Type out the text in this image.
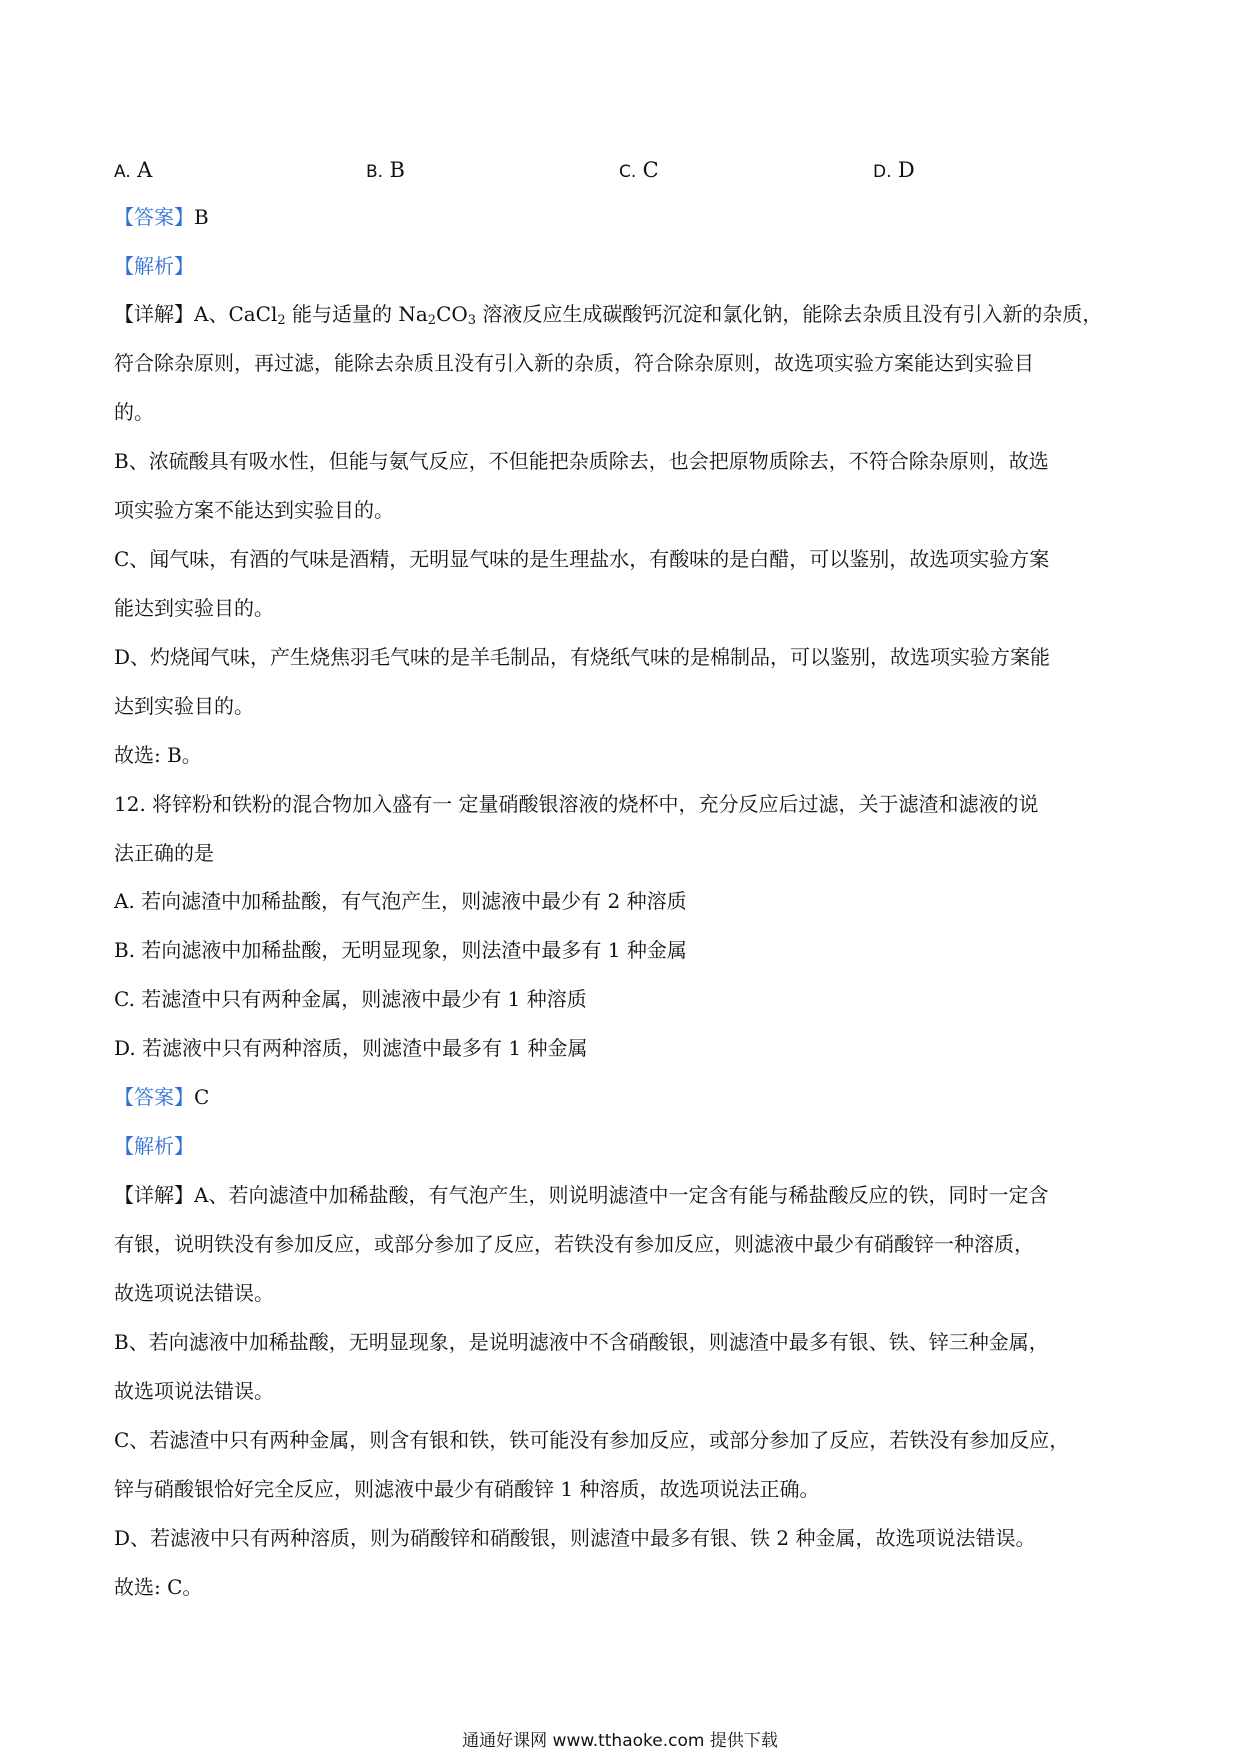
A. A	B. B	C. C	D. D
【答案】B
【解析】
【详解】A、CaCl$_2$ 能与适量的 $Na_2CO_3$ 溶液反应生成碳酸钙沉淀和氯化钠，能除去杂质且没有引入新的杂质，
符合除杂原则，再过滤，能除去杂质且没有引入新的杂质，符合除杂原则，故选项实验方案能达到实验目
的。
B、浓硫酸具有吸水性，但能与氨气反应，不但能把杂质除去，也会把原物质除去，不符合除杂原则，故选
项实验方案不能达到实验目的。
C、闻气味，有酒的气味是酒精，无明显气味的是生理盐水，有酸味的是白醋，可以鉴别，故选项实验方案
能达到实验目的。
D、灼烧闻气味，产生烧焦羽毛气味的是羊毛制品，有烧纸气味的是棉制品，可以鉴别，故选项实验方案能
达到实验目的。
故选: B。
12. 将锌粉和铁粉的混合物加入盛有一 定量硝酸银溶液的烧杯中，充分反应后过滤，关于滤渣和滤液的说
法正确的是
A. 若向滤渣中加稀盐酸，有气泡产生，则滤液中最少有 2 种溶质
B. 若向滤液中加稀盐酸，无明显现象，则法渣中最多有 1 种金属
C. 若滤渣中只有两种金属，则滤液中最少有 1 种溶质
D. 若滤液中只有两种溶质，则滤渣中最多有 1 种金属
【答案】C
【解析】
【详解】A、若向滤渣中加稀盐酸，有气泡产生，则说明滤渣中一定含有能与稀盐酸反应的铁，同时一定含
有银，说明铁没有参加反应，或部分参加了反应，若铁没有参加反应，则滤液中最少有硝酸锌一种溶质，
故选项说法错误。
B、若向滤液中加稀盐酸，无明显现象，是说明滤液中不含硝酸银，则滤渣中最多有银、铁、锌三种金属，
故选项说法错误。
C、若滤渣中只有两种金属，则含有银和铁，铁可能没有参加反应，或部分参加了反应，若铁没有参加反应，
锌与硝酸银恰好完全反应，则滤液中最少有硝酸锌 1 种溶质，故选项说法正确。
D、若滤液中只有两种溶质，则为硝酸锌和硝酸银，则滤渣中最多有银、铁 2 种金属，故选项说法错误。
故选: C。
通通好课网 www.tthaoke.com 提供下载
